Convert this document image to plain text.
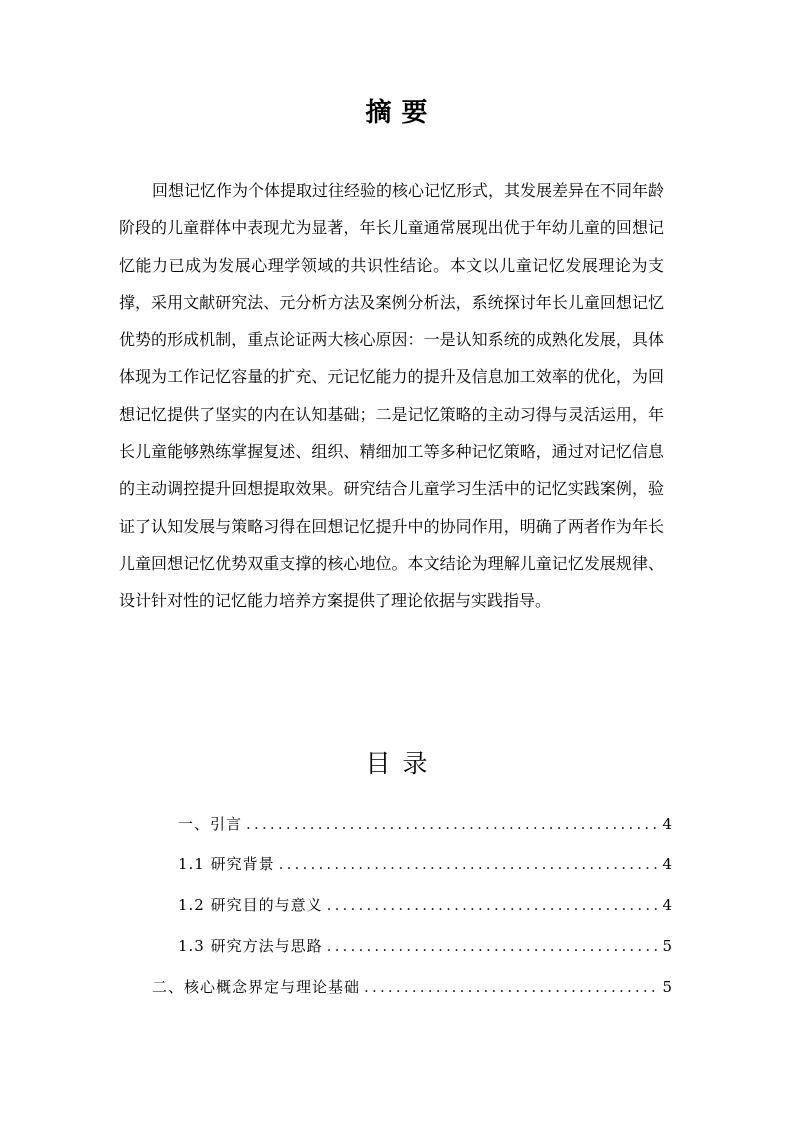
摘要
回想记忆作为个体提取过往经验的核心记忆形式，其发展差异在不同年龄
阶段的儿童群体中表现尤为显著，年长儿童通常展现出优于年幼儿童的回想记
忆能力已成为发展心理学领域的共识性结论。本文以儿童记忆发展理论为支
撑，采用文献研究法、元分析方法及案例分析法，系统探讨年长儿童回想记忆
优势的形成机制，重点论证两大核心原因：一是认知系统的成熟化发展，具体
体现为工作记忆容量的扩充、元记忆能力的提升及信息加工效率的优化，为回
想记忆提供了坚实的内在认知基础；二是记忆策略的主动习得与灵活运用，年
长儿童能够熟练掌握复述、组织、精细加工等多种记忆策略，通过对记忆信息
的主动调控提升回想提取效果。研究结合儿童学习生活中的记忆实践案例，验
证了认知发展与策略习得在回想记忆提升中的协同作用，明确了两者作为年长
儿童回想记忆优势双重支撑的核心地位。本文结论为理解儿童记忆发展规律、
设计针对性的记忆能力培养方案提供了理论依据与实践指导。
目录
一、引言 .....	4
1.1 研究背景 .....	4
1.2 研究目的与意义 .....	4
1.3 研究方法与思路 .....	5
二、核心概念界定与理论基础 .....	5
